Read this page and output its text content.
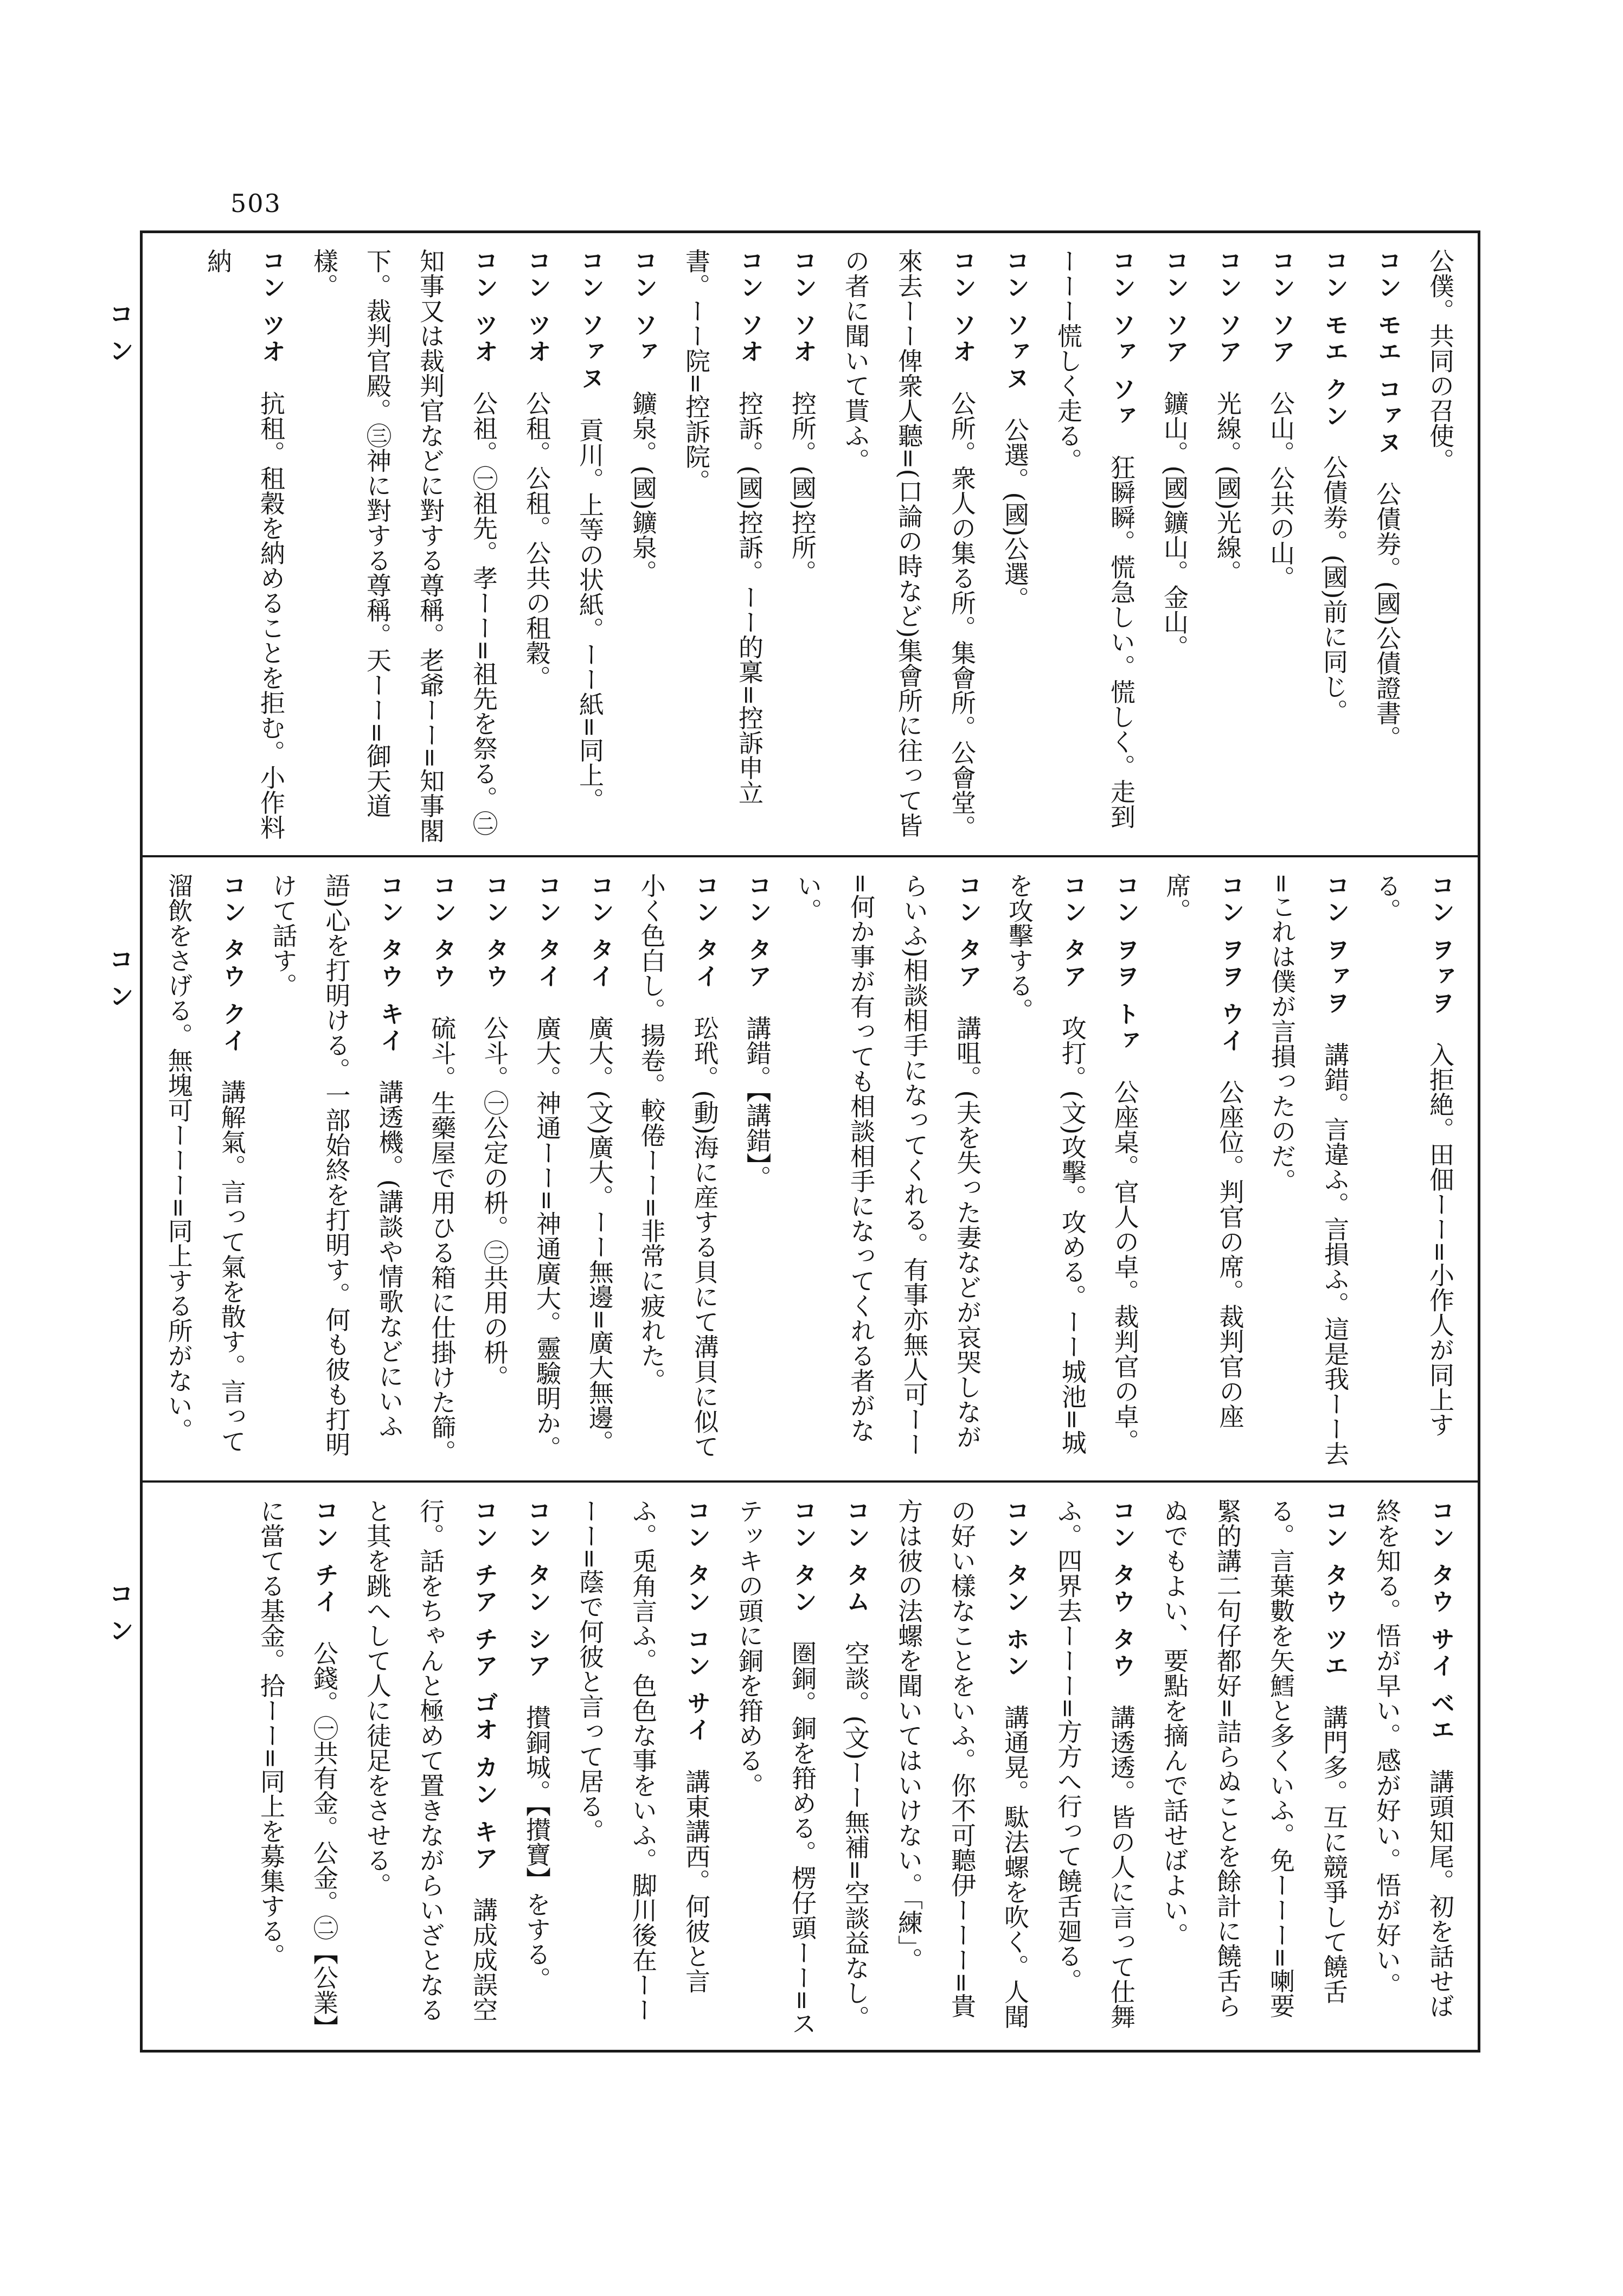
503
コン
コン
コン
公僕。共同の召使。
コン モエ コァヌ　公債券。(國)公債證書。
コン モエ クン　公債劵。(國)前に同じ。
コン ソア　公山。公共の山。
コン ソア　光線。(國)光線。
コン ソア　鑛山。(國)鑛山。金山。
コン ソァ ソァ　狂瞬瞬。慌急しい。慌しく。走到ーーー慌しく走る。
コン ソァヌ　公選。(國)公選。
コン ソオ　公所。衆人の集る所。集會所。公會堂。來去ーー俾衆人聽=(口論の時など)集會所に往って皆の者に聞いて貰ふ。
コン ソオ　控所。(國)控所。
コン ソオ　控訴。(國)控訴。ーー的稟=控訴申立書。ーー院=控訴院。
コン ソァ　鑛泉。(國)鑛泉。
コン ソァヌ　貢川。上等の状紙。ーー紙=同上。
コン ツオ　公租。公租。公共の租穀。
コン ツオ　公祖。㊀祖先。孝ーー=祖先を祭る。㊁知事又は裁判官などに對する尊稱。老爺ーー=知事閣下。裁判官殿。㊂神に對する尊稱。天ーー=御天道樣。
コン ツオ　抗租。租穀を納めることを拒む。小作料納
コン ヲァヲ　入拒絶。田佃ーー=小作人が同上する。
コン ヲァヲ　講錯。言違ふ。言損ふ。這是我ーー去=これは僕が言損ったのだ。
コン ヲヲ ウイ　公座位。判官の席。裁判官の座席。
コン ヲヲ トァ　公座桌。官人の卓。裁判官の卓。
コン タア　攻打。(文)攻擊。攻める。ーー城池=城を攻擊する。
コン タア　講咀。(夫を失った妻などが哀哭しながらいふ)相談相手になってくれる。有事亦無人可ーー=何か事が有っても相談相手になってくれる者がない。
コン タア　講錯。【講錯】。
コン タイ　玜玳。(動)海に産する貝にて溝貝に似て小く色白し。揚卷。較倦ーー=非常に疲れた。
コン タイ　廣大。(文)廣大。ーー無邊=廣大無邊。
コン タイ　廣大。神通ーー=神通廣大。靈驗明か。
コン タウ　公斗。㊀公定の枡。㊁共用の枡。
コン タウ　硫斗。生藥屋で用ひる箱に仕掛けた篩。
コン タウ キイ　講透機。(講談や情歌などにいふ語)心を打明ける。一部始終を打明す。何も彼も打明けて話す。
コン タウ クイ　講解氣。言って氣を散す。言って溜飲をさげる。無塊可ーーー=同上する所がない。
コン タウ サイ ベエ　講頭知尾。初を話せば終を知る。悟が早い。感が好い。悟が好い。
コン タウ ツエ　講門多。互に競爭して饒舌る。言葉數を矢鱈と多くいふ。免ーーー=喇要緊的講二句仔都好=詰らぬことを餘計に饒舌らぬでもよい、要點を摘んで話せばよい。
コン タウ タウ　講透透。皆の人に言って仕舞ふ。四界去ーーー=方方へ行って饒舌廻る。
コン タン ホン　講通晃。駄法螺を吹く。人聞の好い樣なことをいふ。你不可聽伊ーーー=貴方は彼の法螺を聞いてはいけない。「練」。
コン タム　空談。(文)ーー無補=空談益なし。
コン タン　圏銅。銅を箝める。楞仔頭ーー=ステッキの頭に銅を箝める。
コン タン コン サイ　講東講西。何彼と言ふ。兎角言ふ。色色な事をいふ。脚川後在ーーーー=蔭で何彼と言って居る。
コン タン シア　攅銅城。【攅寶】をする。
コン チア チア ゴオ カン キア　講成成誤空行。話をちゃんと極めて置きながらいざとなると其を跳へして人に徒足をさせる。
コン チイ　公錢。㊀共有金。公金。㊁【公業】に當てる基金。拾ーー=同上を募集する。
